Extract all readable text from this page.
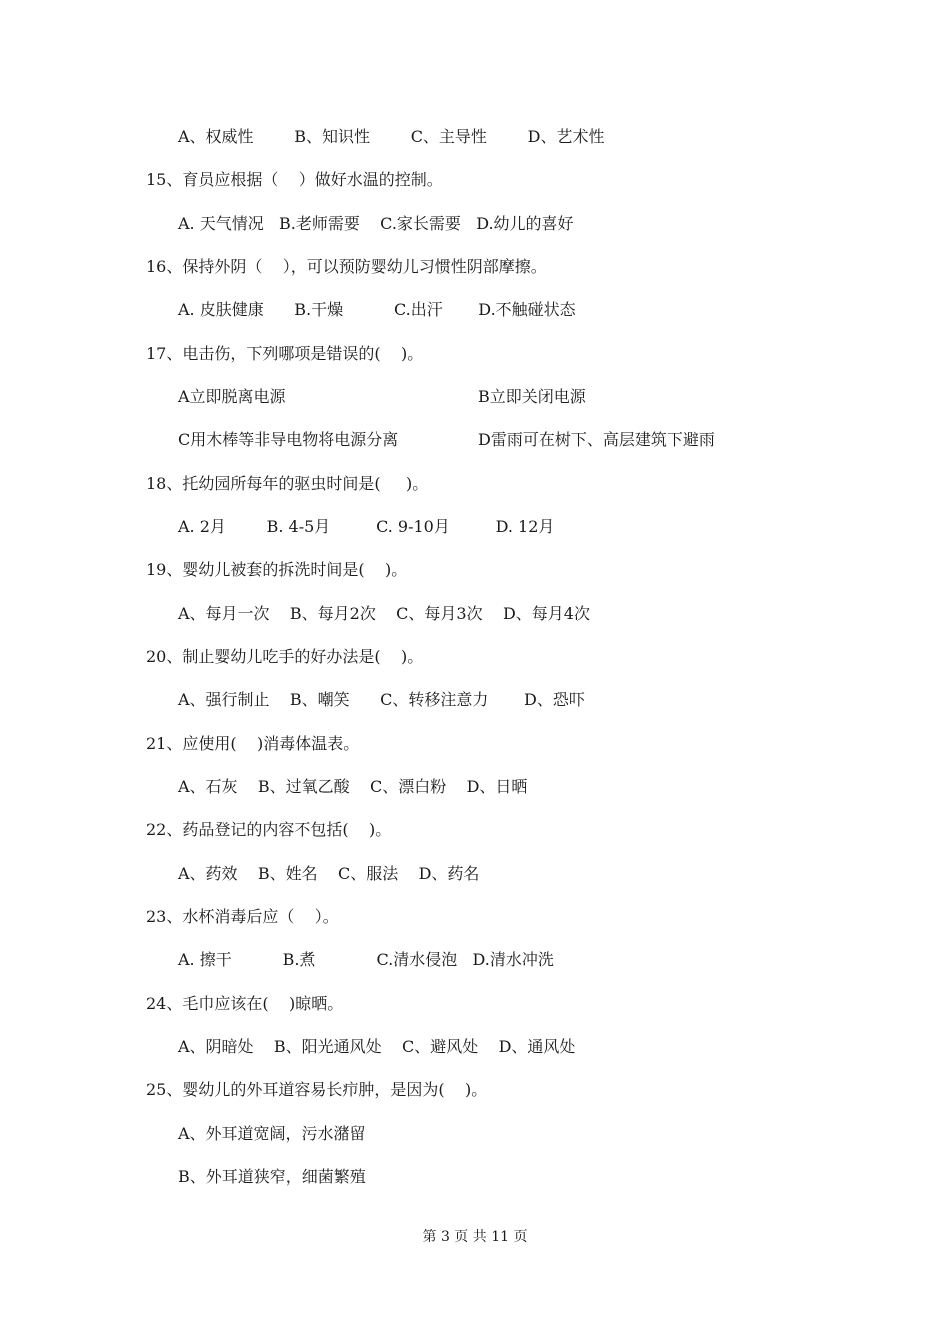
A、权威性        B、知识性        C、主导性        D、艺术性
15、育员应根据（    ）做好水温的控制。
A. 天气情况   B.老师需要    C.家长需要   D.幼儿的喜好
16、保持外阴（    ），可以预防婴幼儿习惯性阴部摩擦。
A. 皮肤健康      B.干燥          C.出汗       D.不触碰状态
17、电击伤，下列哪项是错误的(    )。
A立即脱离电源	B立即关闭电源
C用木棒等非导电物将电源分离	D雷雨可在树下、高层建筑下避雨
18、托幼园所每年的驱虫时间是(     )。
A. 2月        B. 4-5月         C. 9-10月         D. 12月
19、婴幼儿被套的拆洗时间是(    )。
A、每月一次    B、每月2次    C、每月3次    D、每月4次
20、制止婴幼儿吃手的好办法是(    )。
A、强行制止    B、嘲笑      C、转移注意力       D、恐吓
21、应使用(    )消毒体温表。
A、石灰    B、过氧乙酸    C、漂白粉    D、日晒
22、药品登记的内容不包括(    )。
A、药效    B、姓名    C、服法    D、药名
23、水杯消毒后应（    ）。
A. 擦干          B.煮            C.清水侵泡   D.清水冲洗
24、毛巾应该在(    )晾晒。
A、阴暗处    B、阳光通风处    C、避风处    D、通风处
25、婴幼儿的外耳道容易长疖肿，是因为(    )。
A、外耳道宽阔，污水潴留
B、外耳道狭窄，细菌繁殖
第 3 页 共 11 页
